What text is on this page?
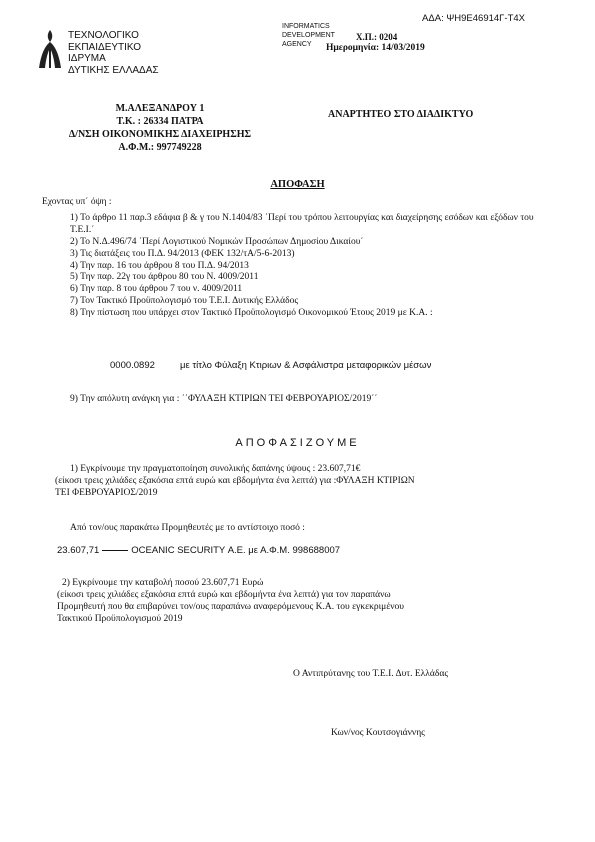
ΑΔΑ: ΨΗ9Ε46914Γ-Τ4Χ
ΤΕΧΝΟΛΟΓΙΚΟ
ΕΚΠΑΙΔΕΥΤΙΚΟ
ΙΔΡΥΜΑ
ΔΥΤΙΚΗΣ ΕΛΛΑΔΑΣ
INFORMATICS
DEVELOPMENT
AGENCY
Χ.Π.: 0204
Ημερομηνία: 14/03/2019
Μ.ΑΛΕΞΑΝΔΡΟΥ 1
Τ.Κ. : 26334 ΠΑΤΡΑ
Δ/ΝΣΗ ΟΙΚΟΝΟΜΙΚΗΣ ΔΙΑΧΕΙΡΗΣΗΣ
Α.Φ.Μ.: 997749228
ΑΝΑΡΤΗΤΕΟ ΣΤΟ ΔΙΑΔΙΚΤΥΟ
ΑΠΟΦΑΣΗ
Εχοντας υπ΄ όψη :
1) Το άρθρο 11 παρ.3 εδάφια β & γ του Ν.1404/83 ΄Περί του τρόπου λειτουργίας και διαχείρησης εσόδων και εξόδων του Τ.Ε.Ι.΄
2) Το Ν.Δ.496/74 ΄Περί Λογιστικού Νομικών Προσώπων Δημοσίου Δικαίου΄
3) Τις διατάξεις του Π.Δ. 94/2013 (ΦΕΚ 132/τΑ/5-6-2013)
4) Την παρ. 16 του άρθρου 8 του Π.Δ. 94/2013
5) Την παρ. 22γ του άρθρου 80 του Ν. 4009/2011
6) Την παρ. 8 του άρθρου 7 του ν. 4009/2011
7) Τον Τακτικό Προϋπολογισμό του Τ.Ε.Ι. Δυτικής Ελλάδος
8) Την πίστωση που υπάρχει στον Τακτικό Προϋπολογισμό Οικονομικού Έτους 2019 με Κ.Α. :
0000.0892	με τίτλο Φύλαξη Κτιριων & Ασφάλιστρα μεταφορικών μέσων
9) Την απόλυτη ανάγκη για : ΄΄ΦΥΛΑΞΗ ΚΤΙΡΙΩΝ ΤΕΙ ΦΕΒΡΟΥΑΡΙΟΣ/2019΄΄
ΑΠΟΦΑΣΙΖΟΥΜΕ
1) Εγκρίνουμε την πραγματοποίηση συνολικής δαπάνης ύψους : 23.607,71€
(είκοσι τρεις χιλιάδες εξακόσια επτά ευρώ και εβδομήντα ένα λεπτά) για :ΦΥΛΑΞΗ ΚΤΙΡΙΩΝ
ΤΕΙ ΦΕΒΡΟΥΑΡΙΟΣ/2019
Από τον/ους παρακάτω Προμηθευτές με το αντίστοιχο ποσό :
23.607,71	OCEANIC SECURITY Α.Ε. με Α.Φ.Μ. 998688007
2) Εγκρίνουμε την καταβολή ποσού 23.607,71 Ευρώ
(είκοσι τρεις χιλιάδες εξακόσια επτά ευρώ και εβδομήντα ένα λεπτά) για τον παραπάνω
Προμηθευτή που θα επιβαρύνει τον/ους παραπάνω αναφερόμενους Κ.Α. του εγκεκριμένου
Τακτικού Προϋπολογισμού 2019
Ο Αντιπρύτανης του Τ.Ε.Ι. Δυτ. Ελλάδας
Κων/νος Κουτσογιάννης
